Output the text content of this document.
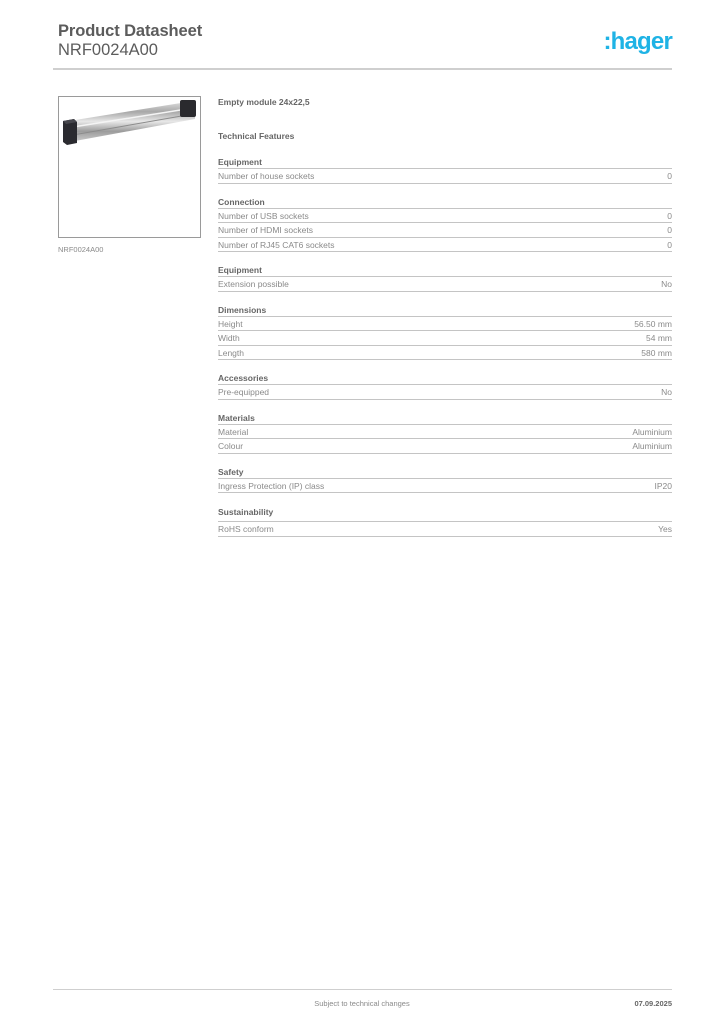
Product Datasheet
NRF0024A00	:hager
NRF0024A00
Empty module 24x22,5
Technical Features
Equipment
Number of house sockets	0
Connection
Number of USB sockets	0
Number of HDMI sockets	0
Number of RJ45 CAT6 sockets	0
Equipment
Extension possible	No
Dimensions
Height	56.50 mm
Width	54 mm
Length	580 mm
Accessories
Pre-equipped	No
Materials
Material	Aluminium
Colour	Aluminium
Safety
Ingress Protection (IP) class	IP20
Sustainability
RoHS conform	Yes
Subject to technical changes	07.09.2025
